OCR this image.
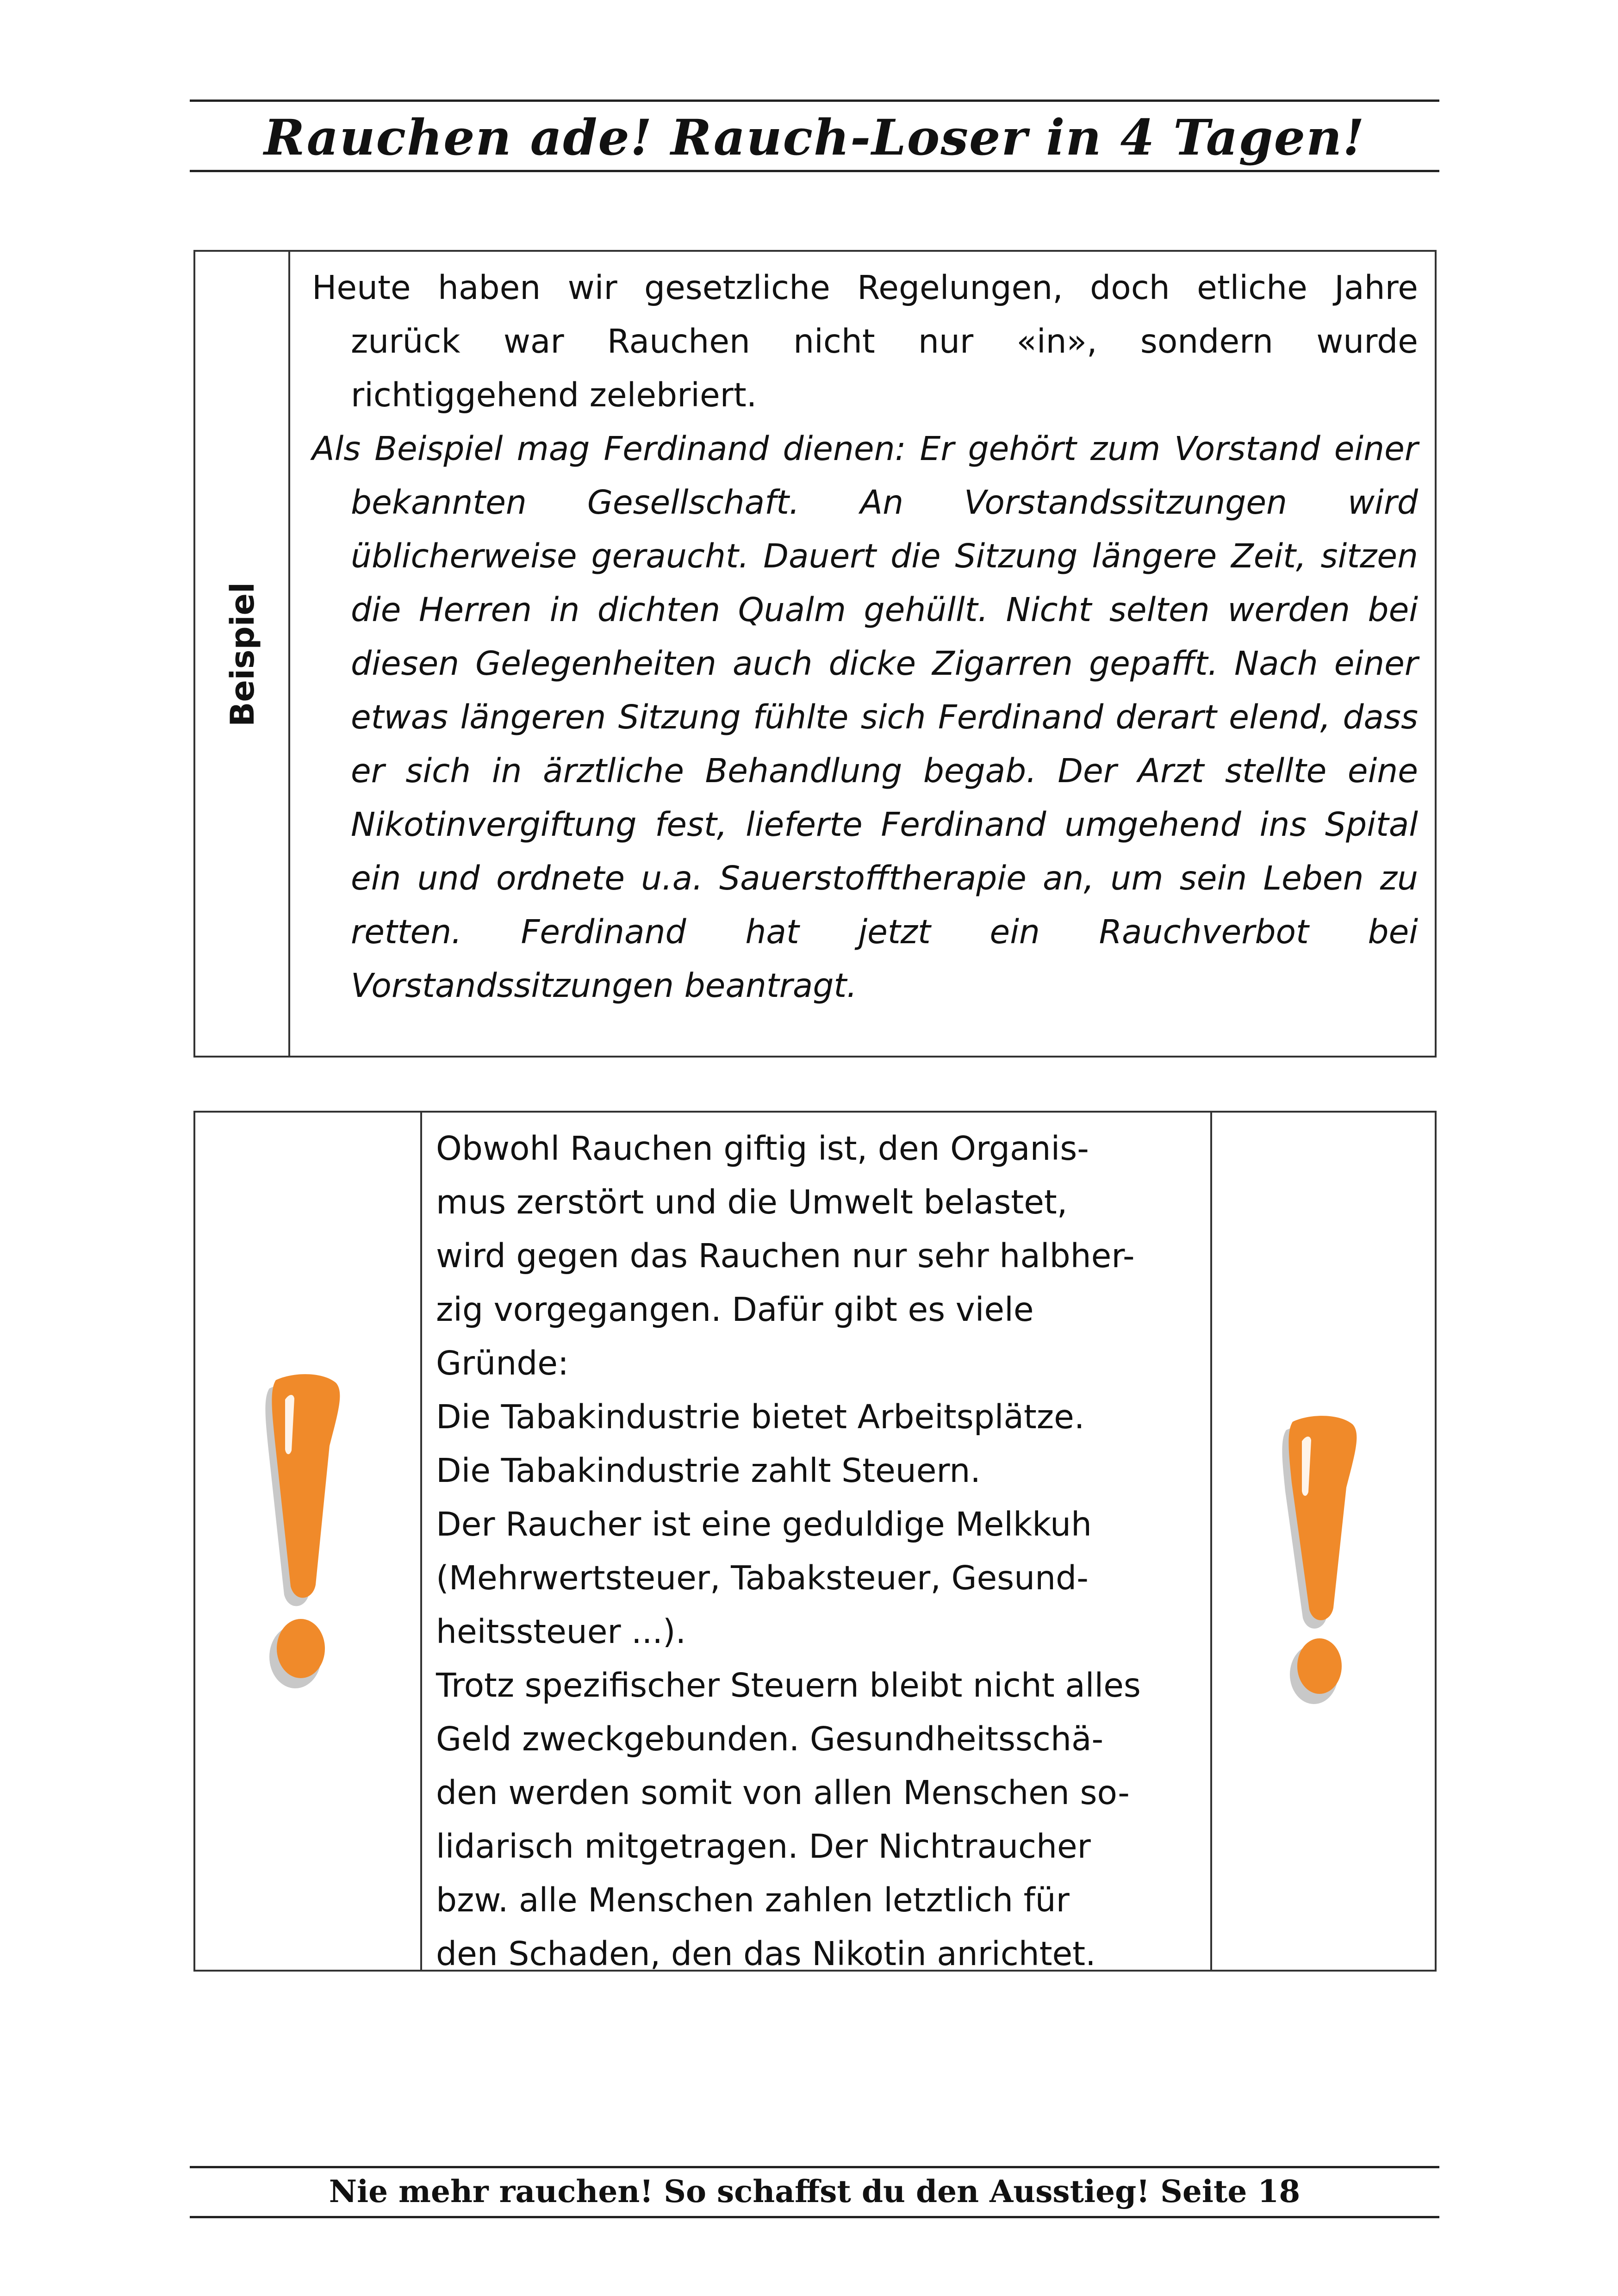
Rauchen ade! Rauch-Loser in 4 Tagen!
Beispiel

Heute haben wir gesetzliche Regelungen, doch etliche Jahre zurück war Rauchen nicht nur «in», sondern wurde richtiggehend zelebriert.

Als Beispiel mag Ferdinand dienen: Er gehört zum Vorstand einer bekannten Gesellschaft. An Vorstandssitzungen wird üblicherweise geraucht. Dauert die Sitzung längere Zeit, sitzen die Herren in dichten Qualm gehüllt. Nicht selten werden bei diesen Gelegenheiten auch dicke Zigarren gepafft. Nach einer etwas längeren Sitzung fühlte sich Ferdinand derart elend, dass er sich in ärztliche Behandlung begab. Der Arzt stellte eine Nikotinvergiftung fest, lieferte Ferdinand umgehend ins Spital ein und ordnete u.a. Sauerstofftherapie an, um sein Leben zu retten. Ferdinand hat jetzt ein Rauchverbot bei Vorstandssitzungen beantragt.

Obwohl Rauchen giftig ist, den Organis-

mus zerstört und die Umwelt belastet,

wird gegen das Rauchen nur sehr halbher-

zig vorgegangen. Dafür gibt es viele

Gründe:

Die Tabakindustrie bietet Arbeitsplätze.

Die Tabakindustrie zahlt Steuern.

Der Raucher ist eine geduldige Melkkuh

(Mehrwertsteuer, Tabaksteuer, Gesund-

heitssteuer ...).

Trotz spezifischer Steuern bleibt nicht alles

Geld zweckgebunden. Gesundheitsschä-

den werden somit von allen Menschen so-

lidarisch mitgetragen. Der Nichtraucher

bzw. alle Menschen zahlen letztlich für

den Schaden, den das Nikotin anrichtet.

Nie mehr rauchen! So schaffst du den Ausstieg! Seite 18
